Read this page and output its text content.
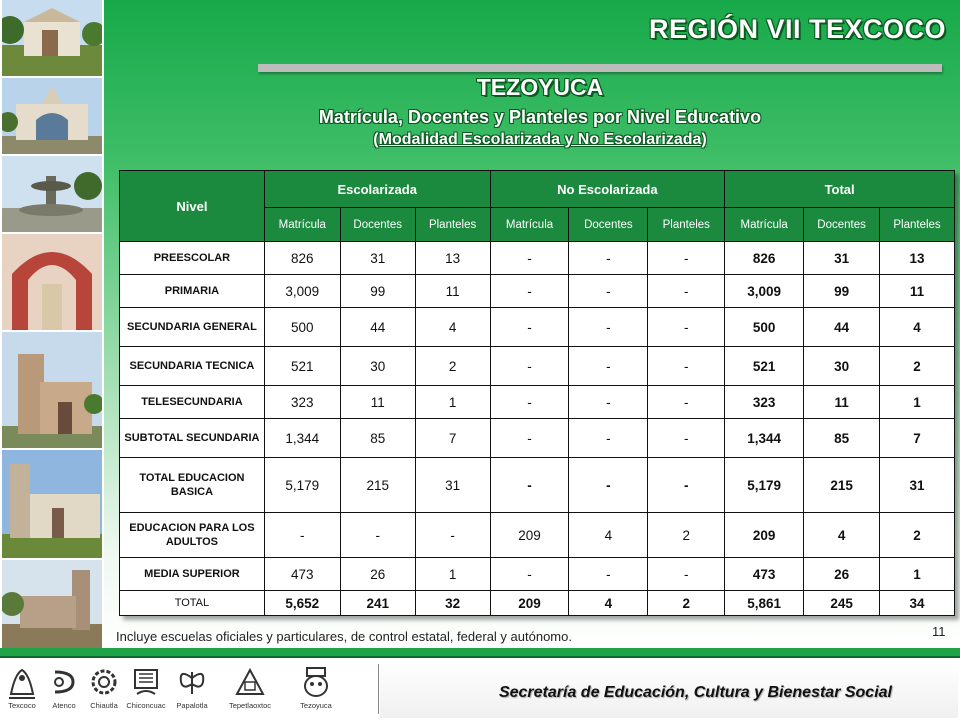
REGIÓN VII TEXCOCO
TEZOYUCA
Matrícula, Docentes y Planteles por Nivel Educativo
(Modalidad Escolarizada y No Escolarizada)
Nivel	Escolarizada			No Escolarizada			Total		
	Matrícula	Docentes	Planteles	Matrícula	Docentes	Planteles	Matrícula	Docentes	Planteles
PREESCOLAR	826	31	13	-	-	-	826	31	13
PRIMARIA	3,009	99	11	-	-	-	3,009	99	11
SECUNDARIA GENERAL	500	44	4	-	-	-	500	44	4
SECUNDARIA TECNICA	521	30	2	-	-	-	521	30	2
TELESECUNDARIA	323	11	1	-	-	-	323	11	1
SUBTOTAL SECUNDARIA	1,344	85	7	-	-	-	1,344	85	7
TOTAL EDUCACION BASICA	5,179	215	31	-	-	-	5,179	215	31
EDUCACION PARA LOS ADULTOS	-	-	-	209	4	2	209	4	2
MEDIA SUPERIOR	473	26	1	-	-	-	473	26	1
TOTAL	5,652	241	32	209	4	2	5,861	245	34
Incluye escuelas oficiales y particulares, de control estatal, federal y autónomo.	11
Texcoco	Atenco	Chiautla	Chiconcuac	Papalotla	Tepetlaoxtoc	Tezoyuca
Secretaría de Educación, Cultura y Bienestar Social
